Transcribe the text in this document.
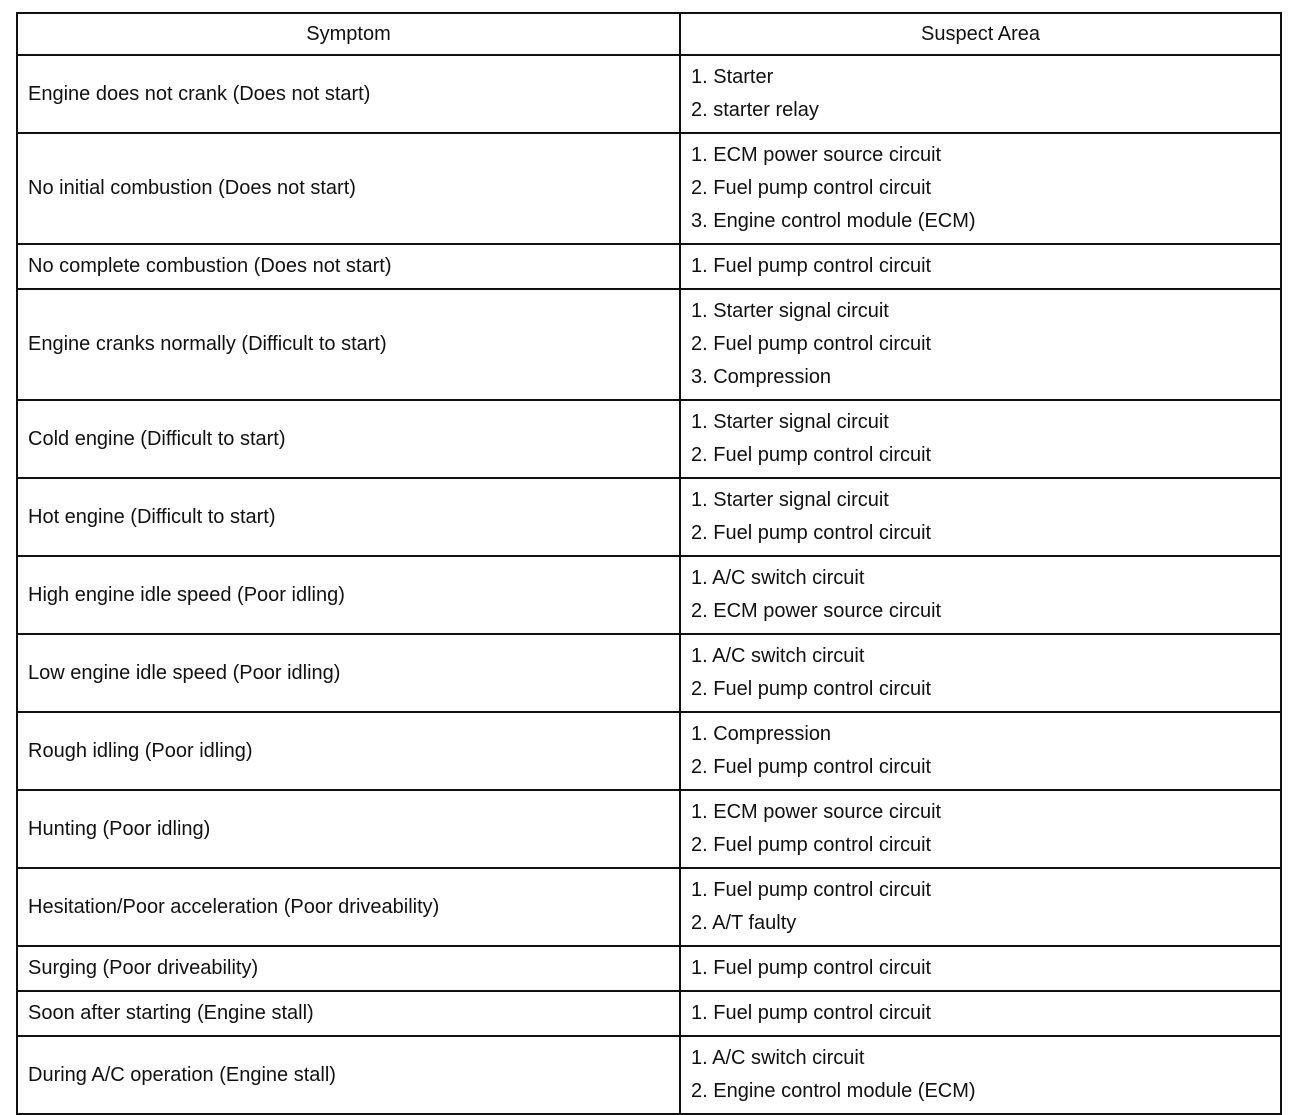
Symptom	Suspect Area
Engine does not crank (Does not start)	1. Starter
2. starter relay

No initial combustion (Does not start)	1. ECM power source circuit
2. Fuel pump control circuit
3. Engine control module (ECM)

No complete combustion (Does not start)	1. Fuel pump control circuit

Engine cranks normally (Difficult to start)	1. Starter signal circuit
2. Fuel pump control circuit
3. Compression

Cold engine (Difficult to start)	1. Starter signal circuit
2. Fuel pump control circuit

Hot engine (Difficult to start)	1. Starter signal circuit
2. Fuel pump control circuit

High engine idle speed (Poor idling)	1. A/C switch circuit
2. ECM power source circuit

Low engine idle speed (Poor idling)	1. A/C switch circuit
2. Fuel pump control circuit

Rough idling (Poor idling)	1. Compression
2. Fuel pump control circuit

Hunting (Poor idling)	1. ECM power source circuit
2. Fuel pump control circuit

Hesitation/Poor acceleration (Poor driveability)	1. Fuel pump control circuit
2. A/T faulty

Surging (Poor driveability)	1. Fuel pump control circuit

Soon after starting (Engine stall)	1. Fuel pump control circuit

During A/C operation (Engine stall)	1. A/C switch circuit
2. Engine control module (ECM)
